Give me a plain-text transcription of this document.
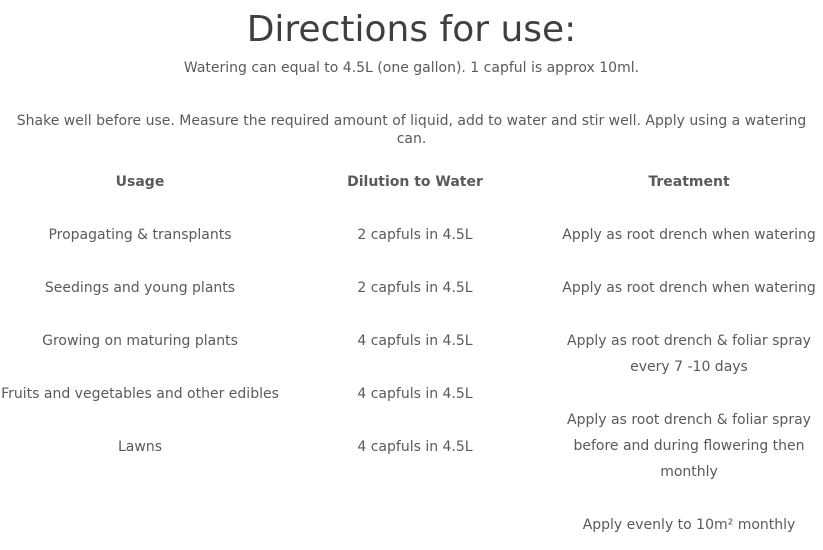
Directions for use:

Watering can equal to 4.5L (one gallon). 1 capful is approx 10ml.

Shake well before use. Measure the required amount of liquid, add to water and stir well. Apply using a watering can.

Usage
Propagating & transplants
Seedings and young plants
Growing on maturing plants
Fruits and vegetables and other edibles
Lawns
Dilution to Water
2 capfuls in 4.5L
2 capfuls in 4.5L
4 capfuls in 4.5L
4 capfuls in 4.5L
4 capfuls in 4.5L
Treatment
Apply as root drench when watering
Apply as root drench when watering
Apply as root drench & foliar spray
every 7 -10 days
Apply as root drench & foliar spray
before and during flowering then
monthly
Apply evenly to 10m² monthly
